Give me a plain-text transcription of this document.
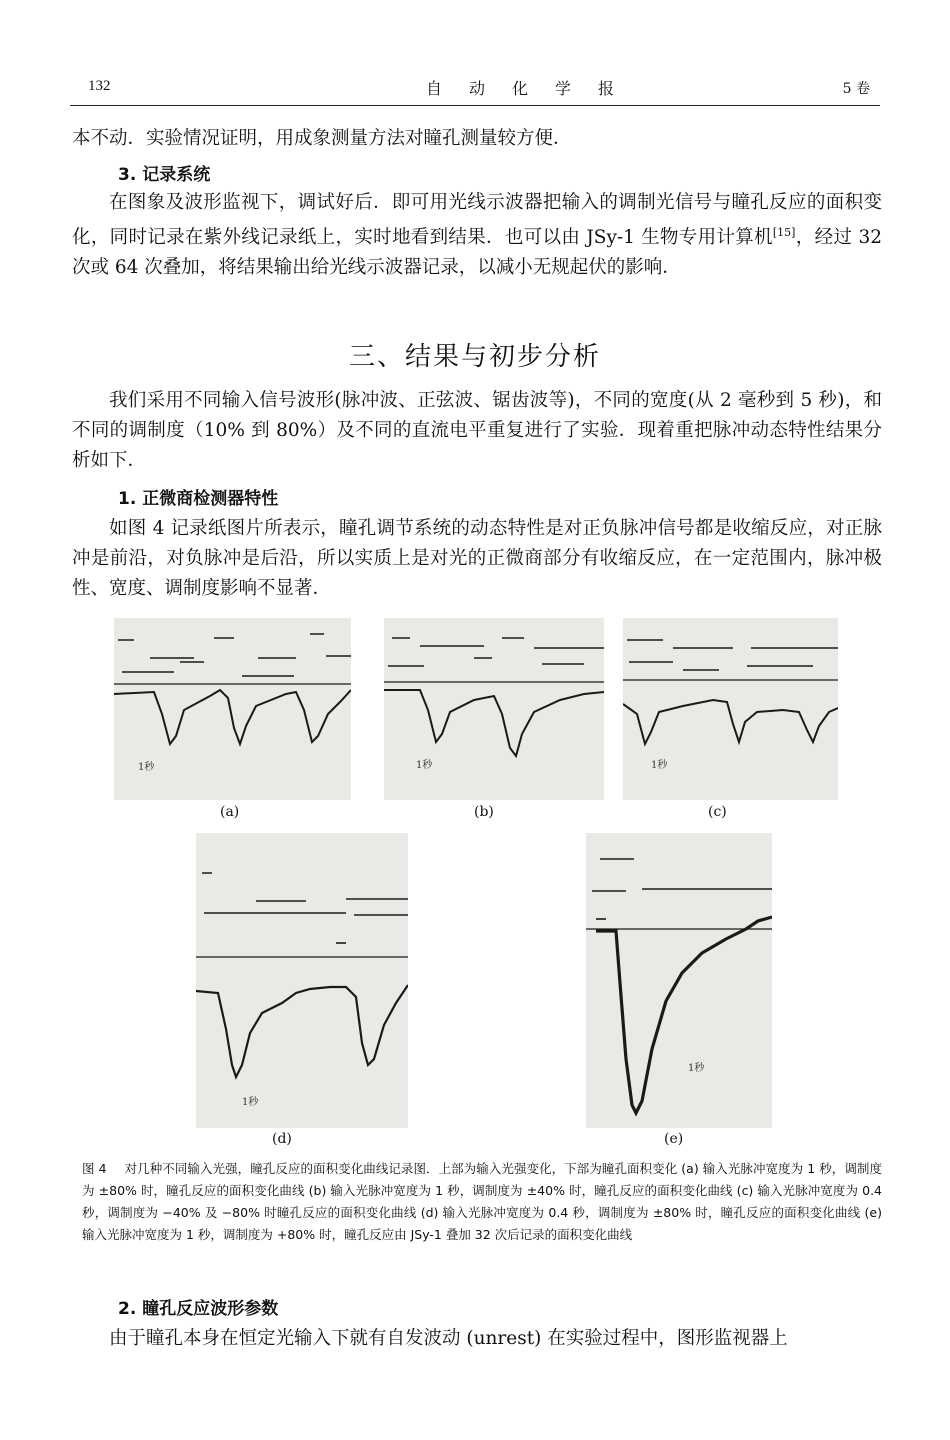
132	自动化学报	5 卷
本不动．实验情况证明，用成象测量方法对瞳孔测量较方便．
3. 记录系统
在图象及波形监视下，调试好后．即可用光线示波器把输入的调制光信号与瞳孔反应的面积变化，同时记录在紫外线记录纸上，实时地看到结果．也可以由 JSy-1 生物专用计算机[15]，经过 32 次或 64 次叠加，将结果输出给光线示波器记录，以减小无规起伏的影响．
三、结果与初步分析
我们采用不同输入信号波形(脉冲波、正弦波、锯齿波等)，不同的宽度(从 2 毫秒到 5 秒)，和不同的调制度（10% 到 80%）及不同的直流电平重复进行了实验．现着重把脉冲动态特性结果分析如下．
1. 正微商检测器特性
如图 4 记录纸图片所表示，瞳孔调节系统的动态特性是对正负脉冲信号都是收缩反应，对正脉冲是前沿，对负脉冲是后沿，所以实质上是对光的正微商部分有收缩反应，在一定范围内，脉冲极性、宽度、调制度影响不显著．
1秒
(a)
1秒
(b)
1秒
(c)
1秒
(d)
1秒
(e)
图 4 对几种不同输入光强，瞳孔反应的面积变化曲线记录图．上部为输入光强变化，下部为瞳孔面积变化 (a) 输入光脉冲宽度为 1 秒，调制度为 ±80% 时，瞳孔反应的面积变化曲线 (b) 输入光脉冲宽度为 1 秒，调制度为 ±40% 时，瞳孔反应的面积变化曲线 (c) 输入光脉冲宽度为 0.4 秒，调制度为 −40% 及 −80% 时瞳孔反应的面积变化曲线 (d) 输入光脉冲宽度为 0.4 秒，调制度为 ±80% 时，瞳孔反应的面积变化曲线 (e) 输入光脉冲宽度为 1 秒，调制度为 +80% 时，瞳孔反应由 JSy-1 叠加 32 次后记录的面积变化曲线
2. 瞳孔反应波形参数
由于瞳孔本身在恒定光输入下就有自发波动 (unrest) 在实验过程中，图形监视器上
